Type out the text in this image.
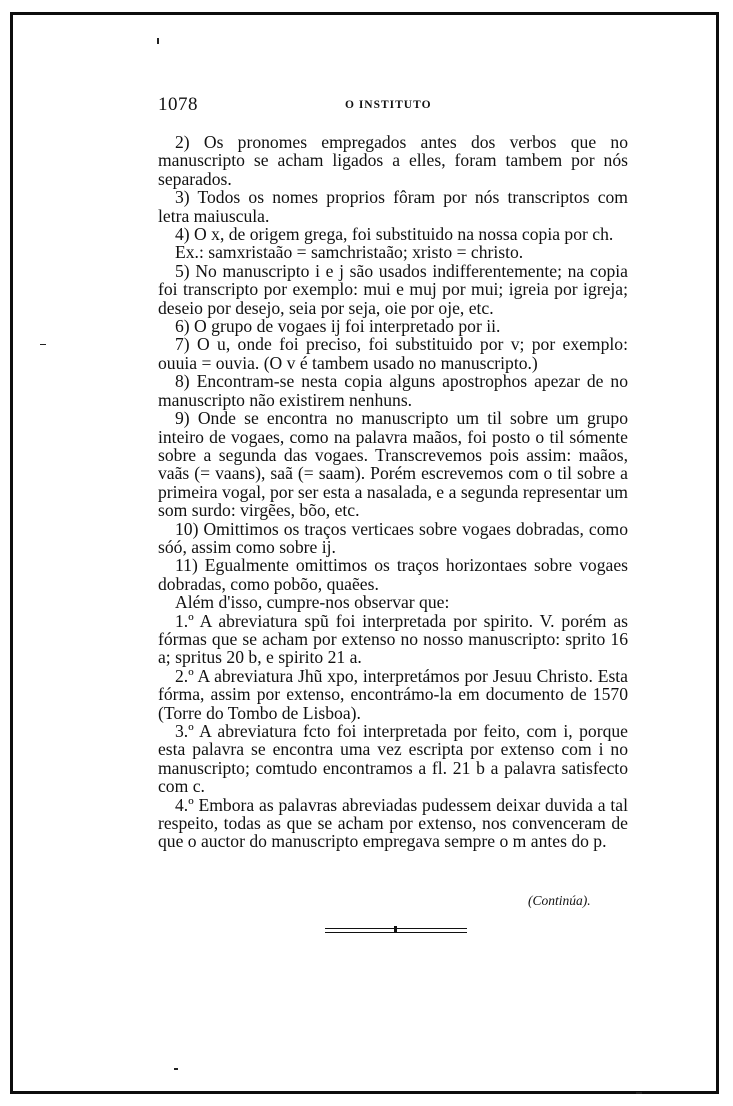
1078	O INSTITUTO

2) Os pronomes empregados antes dos verbos que no manuscripto se acham ligados a elles, foram tambem por nós separados.

3) Todos os nomes proprios fôram por nós transcriptos com letra maiuscula.

4) O x, de origem grega, foi substituido na nossa copia por ch.

Ex.: samxristaão = samchristaão; xristo = christo.

5) No manuscripto i e j são usados indifferentemente; na copia foi transcripto por exemplo: mui e muj por mui; igreia por igreja; deseio por desejo, seia por seja, oie por oje, etc.

6) O grupo de vogaes ij foi interpretado por ii.

7) O u, onde foi preciso, foi substituido por v; por exemplo: ouuia = ouvia. (O v é tambem usado no manuscripto.)

8) Encontram-se nesta copia alguns apostrophos apezar de no manuscripto não existirem nenhuns.

9) Onde se encontra no manuscripto um til sobre um grupo inteiro de vogaes, como na palavra maãos, foi posto o til sómente sobre a segunda das vogaes. Transcrevemos pois assim: maãos, vaãs (= vaans), saã (= saam). Porém escrevemos com o til sobre a primeira vogal, por ser esta a nasalada, e a segunda representar um som surdo: virgẽes, bõo, etc.

10) Omittimos os traços verticaes sobre vogaes dobradas, como sóó, assim como sobre ij.

11) Egualmente omittimos os traços horizontaes sobre vogaes dobradas, como pobõo, quaẽes.

Além d'isso, cumpre-nos observar que:

1.º A abreviatura spũ foi interpretada por spirito. V. porém as fórmas que se acham por extenso no nosso manuscripto: sprito 16 a; spritus 20 b, e spirito 21 a.

2.º A abreviatura Jhũ xpo, interpretámos por Jesuu Christo. Esta fórma, assim por extenso, encontrámo-la em documento de 1570 (Torre do Tombo de Lisboa).

3.º A abreviatura fcto foi interpretada por feito, com i, porque esta palavra se encontra uma vez escripta por extenso com i no manuscripto; comtudo encontramos a fl. 21 b a palavra satisfecto com c.

4.º Embora as palavras abreviadas pudessem deixar duvida a tal respeito, todas as que se acham por extenso, nos convenceram de que o auctor do manuscripto empregava sempre o m antes do p.

(Continúa).
